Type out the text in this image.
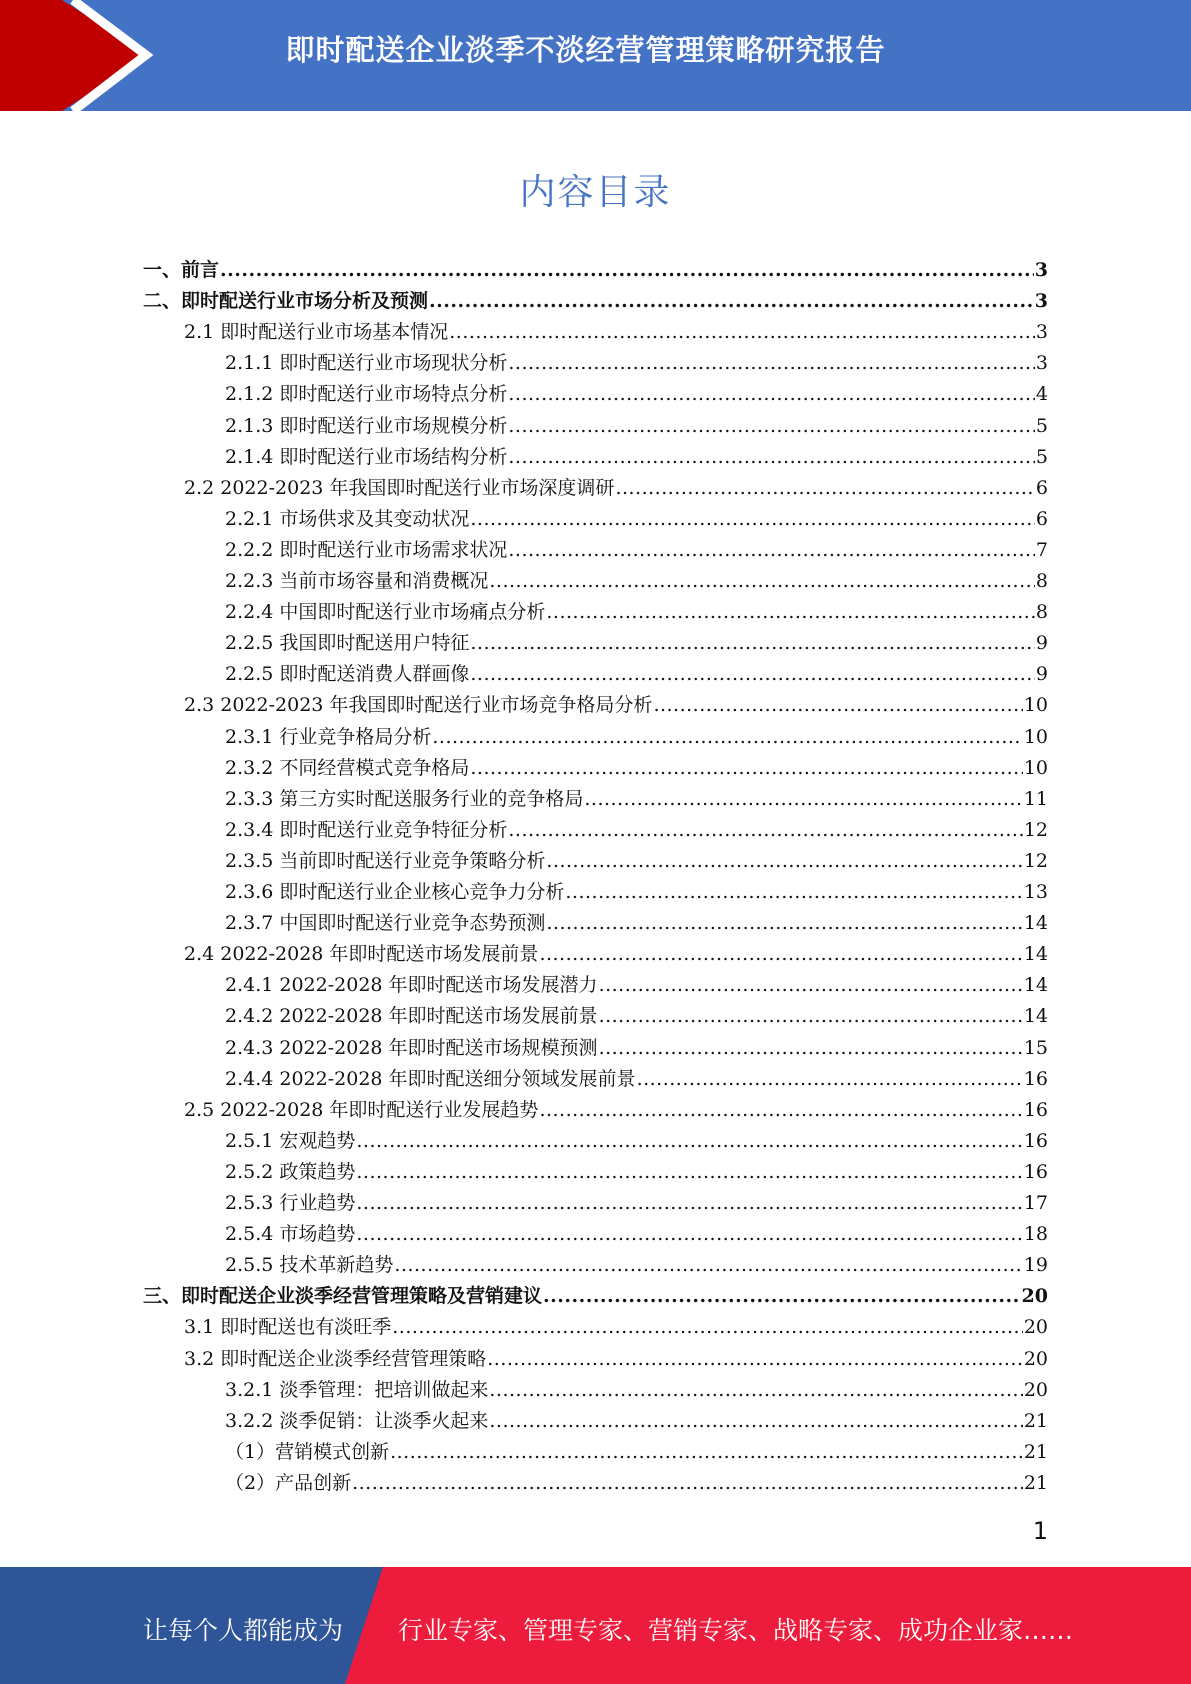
即时配送企业淡季不淡经营管理策略研究报告
内容目录
一、前言 .....	3
二、即时配送行业市场分析及预测 .....	3
2.1 即时配送行业市场基本情况 .....	3
2.1.1 即时配送行业市场现状分析 .....	3
2.1.2 即时配送行业市场特点分析 .....	4
2.1.3 即时配送行业市场规模分析 .....	5
2.1.4 即时配送行业市场结构分析 .....	5
2.2 2022-2023 年我国即时配送行业市场深度调研 .....	6
2.2.1 市场供求及其变动状况 .....	6
2.2.2 即时配送行业市场需求状况 .....	7
2.2.3 当前市场容量和消费概况 .....	8
2.2.4 中国即时配送行业市场痛点分析 .....	8
2.2.5 我国即时配送用户特征 .....	9
2.2.5 即时配送消费人群画像 .....	9
2.3 2022-2023 年我国即时配送行业市场竞争格局分析 .....	10
2.3.1 行业竞争格局分析 .....	10
2.3.2 不同经营模式竞争格局 .....	10
2.3.3 第三方实时配送服务行业的竞争格局 .....	11
2.3.4 即时配送行业竞争特征分析 .....	12
2.3.5 当前即时配送行业竞争策略分析 .....	12
2.3.6 即时配送行业企业核心竞争力分析 .....	13
2.3.7 中国即时配送行业竞争态势预测 .....	14
2.4 2022-2028 年即时配送市场发展前景 .....	14
2.4.1 2022-2028 年即时配送市场发展潜力 .....	14
2.4.2 2022-2028 年即时配送市场发展前景 .....	14
2.4.3 2022-2028 年即时配送市场规模预测 .....	15
2.4.4 2022-2028 年即时配送细分领域发展前景 .....	16
2.5 2022-2028 年即时配送行业发展趋势 .....	16
2.5.1 宏观趋势 .....	16
2.5.2 政策趋势 .....	16
2.5.3 行业趋势 .....	17
2.5.4 市场趋势 .....	18
2.5.5 技术革新趋势 .....	19
三、即时配送企业淡季经营管理策略及营销建议 .....	20
3.1 即时配送也有淡旺季 .....	20
3.2 即时配送企业淡季经营管理策略 .....	20
3.2.1 淡季管理：把培训做起来 .....	20
3.2.2 淡季促销：让淡季火起来 .....	21
（1）营销模式创新 .....	21
（2）产品创新 .....	21
1
让每个人都能成为 行业专家、管理专家、营销专家、战略专家、成功企业家……
